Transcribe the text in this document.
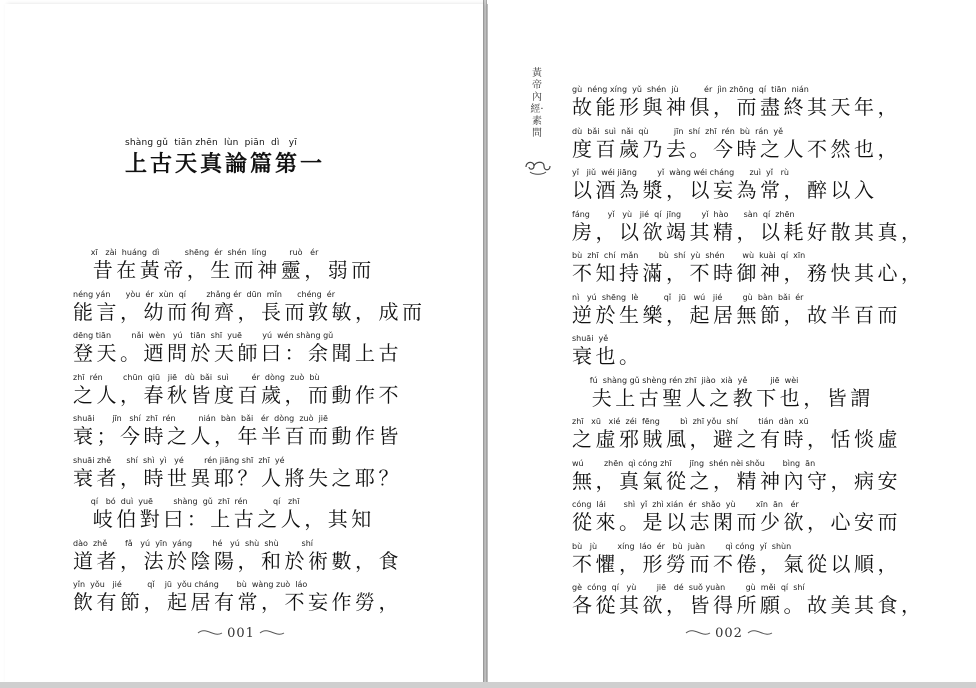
shàng gǔ  tiān zhēn  lùn  piān  dì   yī
上古天真論篇第一
xī   zài  huáng  dì          shēng  ér  shén  líng         ruò   ér
昔在黃帝，生而神靈，弱而
néng yán      yòu  ér  xùn  qí        zhǎng ér  dūn  mǐn      chéng  ér
能言，幼而徇齊，長而敦敏，成而
dēng tiān        nǎi  wèn   yú   tiān  shī  yuē        yú  wén shàng gǔ
登天。迺問於天師曰：余聞上古
zhī  rén        chūn  qiū   jiē   dù  bǎi  suì         ér  dòng  zuò  bù
之人，春秋皆度百歲，而動作不
shuāi       jīn   shí  zhī  rén         nián  bàn  bǎi   ér  dòng  zuò  jiē
衰；今時之人，年半百而動作皆
shuāi zhě      shí  shì  yì   yé        rén jiāng shī  zhī  yé
衰者，時世異耶？人將失之耶？
qí   bó  duì  yuē        shàng  gǔ  zhī  rén          qí   zhī
岐伯對曰：上古之人，其知
dào  zhě       fǎ   yú  yīn  yáng        hé   yú  shù  shù         shí
道者，法於陰陽，和於術數，食
yǐn  yǒu   jié          qǐ    jū  yǒu cháng       bù  wàng zuò  láo
飲有節，起居有常，不妄作勞，
黃帝內經·素問
gù  néng xíng  yǔ  shén  jù          ér  jìn zhōng  qí  tiān  nián
故能形與神俱，而盡終其天年，
dù  bǎi  suì  nǎi  qù          jīn  shí  zhī  rén  bù  rán  yě
度百歲乃去。今時之人不然也，
yǐ   jiǔ  wéi jiāng        yǐ  wàng wéi cháng      zuì  yǐ   rù
以酒為漿，以妄為常，醉以入
fáng       yǐ   yù   jié  qí  jīng        yǐ  hào      sàn  qí  zhēn
房，以欲竭其精，以耗好散其真，
bù  zhī  chí  mǎn        bù  shí  yù  shén       wù  kuài  qí  xīn
不知持滿，不時御神，務快其心，
nì   yú  shēng  lè          qǐ   jū   wú   jié        gù  bàn  bǎi  ér
逆於生樂，起居無節，故半百而
shuāi  yě
衰也。
fú  shàng gǔ shèng rén zhī  jiào  xià  yě         jiē  wèi
夫上古聖人之教下也，皆謂
zhī   xū   xié  zéi  fēng        bì  zhī yǒu  shí        tián  dàn  xū
之虛邪賊風，避之有時，恬惔虛
wú        zhēn  qì cóng zhī       jīng  shén nèi shǒu       bìng  ān
無，真氣從之，精神內守，病安
cóng  lái       shì  yǐ  zhì xián  ér  shǎo  yù        xīn  ān   ér
從來。是以志閑而少欲，心安而
bù   jù        xíng  láo  ér   bù  juàn        qì cóng  yǐ  shùn
不懼，形勞而不倦，氣從以順，
gè  cóng  qí   yù        jiē   dé  suǒ yuàn        gù  měi  qí  shí
各從其欲，皆得所願。故美其食，
001	002
